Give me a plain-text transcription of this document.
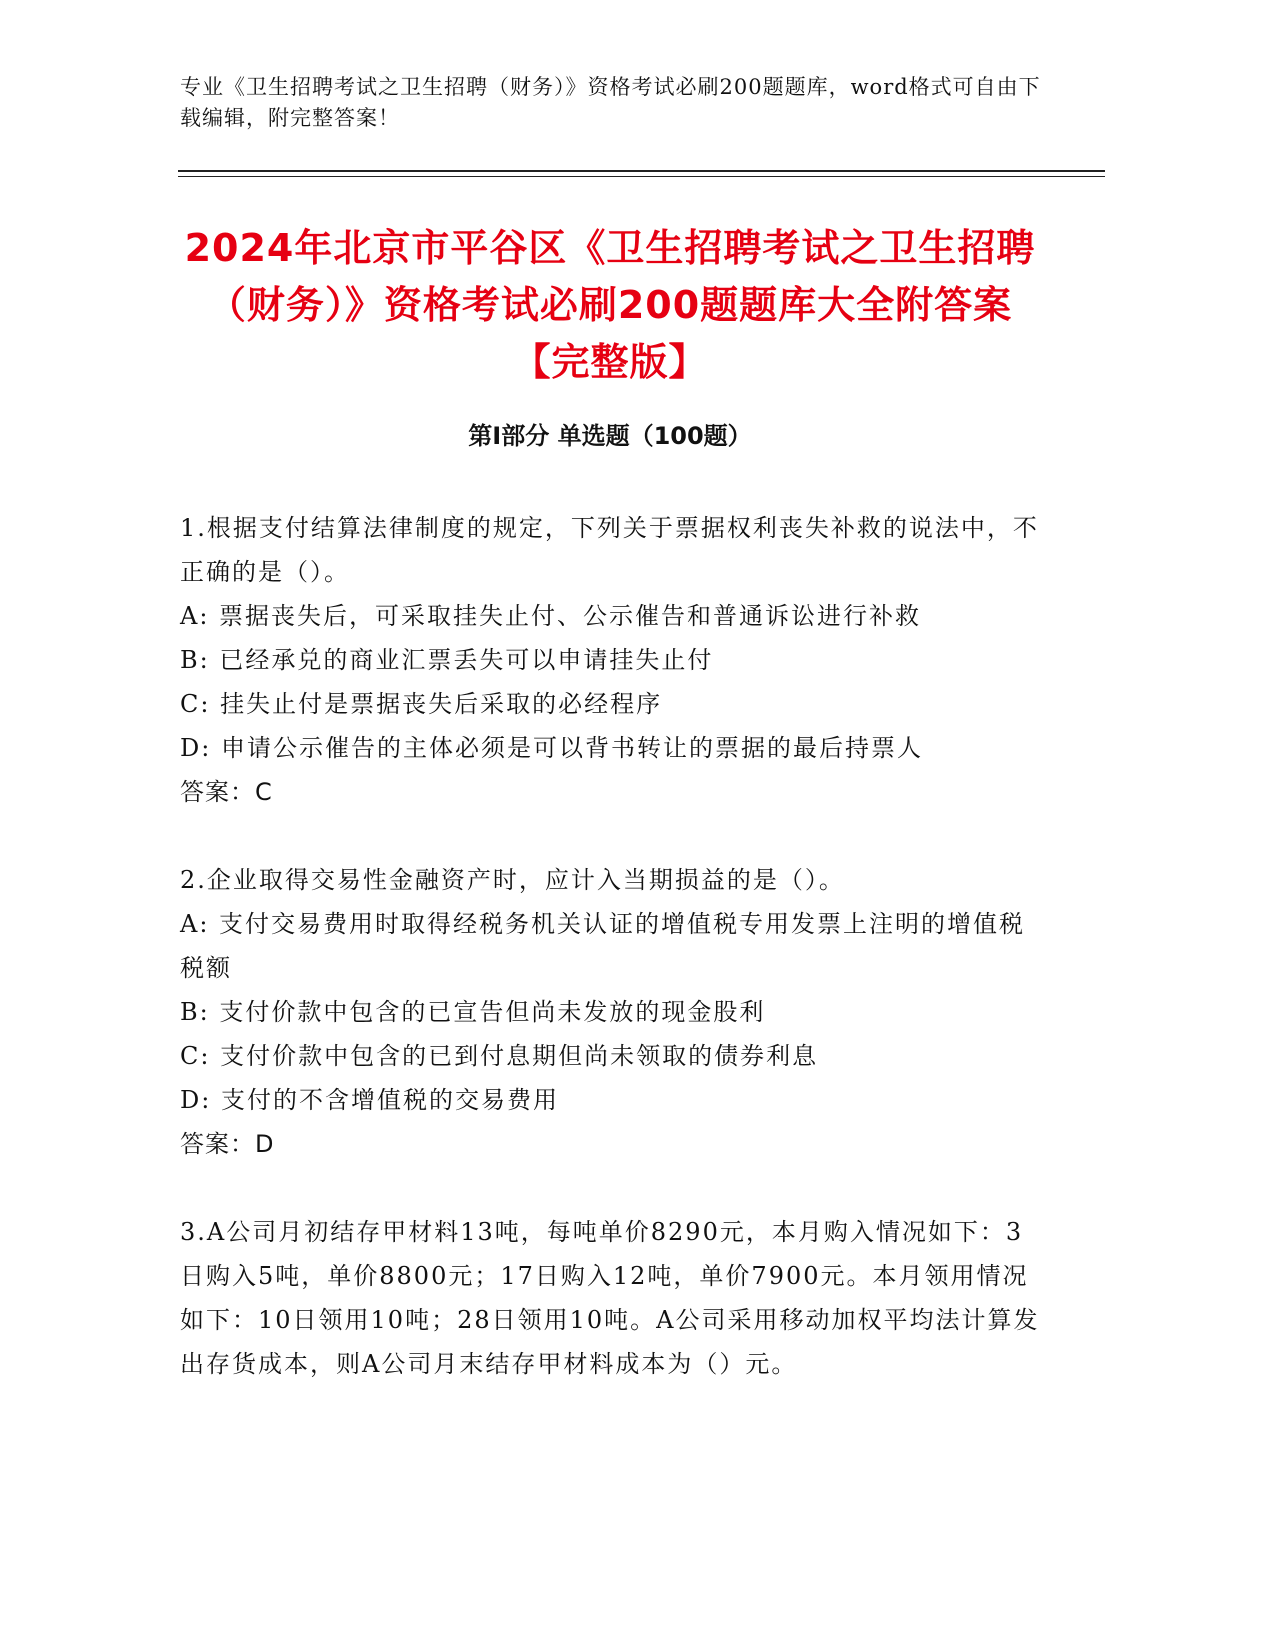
专业《卫生招聘考试之卫生招聘（财务）》资格考试必刷200题题库，word格式可自由下载编辑，附完整答案！
2024年北京市平谷区《卫生招聘考试之卫生招聘（财务）》资格考试必刷200题题库大全附答案【完整版】
第I部分 单选题（100题）

1.根据支付结算法律制度的规定，下列关于票据权利丧失补救的说法中，不正确的是（）。

A: 票据丧失后，可采取挂失止付、公示催告和普通诉讼进行补救

B: 已经承兑的商业汇票丢失可以申请挂失止付

C: 挂失止付是票据丧失后采取的必经程序

D: 申请公示催告的主体必须是可以背书转让的票据的最后持票人

答案：C

2.企业取得交易性金融资产时，应计入当期损益的是（）。

A: 支付交易费用时取得经税务机关认证的增值税专用发票上注明的增值税税额

B: 支付价款中包含的已宣告但尚未发放的现金股利

C: 支付价款中包含的已到付息期但尚未领取的债券利息

D: 支付的不含增值税的交易费用

答案：D

3.A公司月初结存甲材料13吨，每吨单价8290元，本月购入情况如下：3日购入5吨，单价8800元；17日购入12吨，单价7900元。本月领用情况如下：10日领用10吨；28日领用10吨。A公司采用移动加权平均法计算发出存货成本，则A公司月末结存甲材料成本为（）元。
